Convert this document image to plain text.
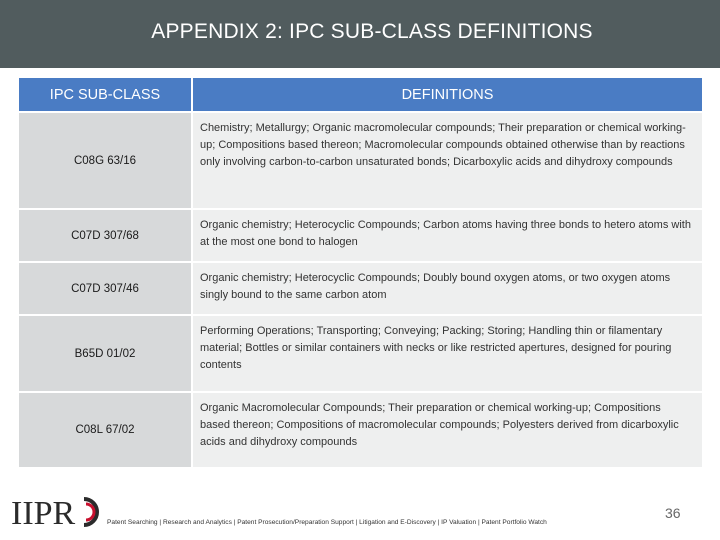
APPENDIX 2: IPC SUB-CLASS DEFINITIONS
IPC SUB-CLASS	DEFINITIONS
C08G 63/16
Chemistry; Metallurgy; Organic macromolecular compounds; Their preparation or chemical working-up; Compositions based thereon; Macromolecular compounds obtained otherwise than by reactions only involving carbon-to-carbon unsaturated bonds; Dicarboxylic acids and dihydroxy compounds
C07D 307/68
Organic chemistry; Heterocyclic Compounds; Carbon atoms having three bonds to hetero atoms with at the most one bond to halogen
C07D 307/46
Organic chemistry; Heterocyclic Compounds; Doubly bound oxygen atoms, or two oxygen atoms singly bound to the same carbon atom
B65D 01/02
Performing Operations; Transporting; Conveying; Packing; Storing; Handling thin or filamentary material; Bottles or similar containers with necks or like restricted apertures, designed for pouring contents
C08L 67/02
Organic Macromolecular Compounds; Their preparation or chemical working-up; Compositions based thereon; Compositions of macromolecular compounds; Polyesters derived from dicarboxylic acids and dihydroxy compounds
IIPR	Patent Searching | Research and Analytics | Patent Prosecution/Preparation Support | Litigation and E-Discovery | IP Valuation | Patent Portfolio Watch
36
